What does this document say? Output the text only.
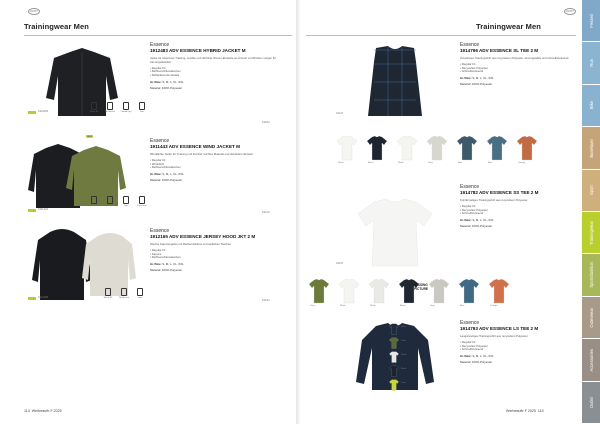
CRAFT
Trainingwear Men
1912483
Essence
1912483 ADV ESSENCE HYBRID JACKET M
Jacke für intensives Training. Leichte und dehnbar Woven-Einsätze an Ärmeln und Rücken sorgen für Atmungsaktivität.
• Regular Fit
• Reißverschlusstaschen
• Reflektierende Details
Gr./Size: S, M, L, XL, XXL
Material: 100% Polyester
Wash 40	No bleach	Tumble dry	Iron
19912
NEW
1911443
Essence
1911443 ADV ESSENCE WIND JACKET M
Winddichte Jacke für Training und Freizeit, leichtes Material und dehnbarer Einsatz.
• Regular Fit
• Winddicht
• Reißverschlusstaschen
Gr./Size: S, M, L, XL, XXL
Material: 100% Polyester
Wash 40	No bleach	Iron	Dry clean
19113
1912165
Essence
1912165 ADV ESSENCE JERSEY HOOD JKT 2 M
Weiche Kapuzenjacke mit Reißverschluss und seitlichen Taschen.
• Regular Fit
• Kapuze
• Reißverschlusstaschen
Gr./Size: S, M, L, XL, XXL
Material: 100% Polyester
Wash 40	No bleach	Iron	19121
114 Werbeauftr F 2025
CRAFT
Trainingwear Men
19147
Essence
1914796 ADV ESSENCE SL TEE 2 M
Ärmelloses Trainingsshirt aus recyceltem Polyester, atmungsaktiv und schnelltrocknend.
• Regular Fit
• Recyceltes Polyester
• Schnelltrocknend
Gr./Size: S, M, L, XL, XXL
Material: 100% Polyester
White	Black	White	Grey	Blue	Blue	Orange
19147
Essence
1914782 ADV ESSENCE SS TEE 2 M
Kurzärmeliges Trainingsshirt aus recyceltem Polyester.
• Regular Fit
• Recyceltes Polyester
• Schnelltrocknend
Gr./Size: S, M, L, XL, XXL
Material: 100% Polyester
Olive	White	White	Black	Grey	Blue	Orange
MISSING PICTURE
Navy
Olive
White
Black
Lime
Essence
1914793 ADV ESSENCE LS TEE 2 M
Langärmeliges Trainingsshirt aus recyceltem Polyester.
• Regular Fit
• Recyceltes Polyester
• Schnelltrocknend
Gr./Size: S, M, L, XL, XXL
Material: 100% Polyester
Werbeauftr F 2025 115
Freizeit
Run
Bike
Baselayer
Sport
Trainingwear
Sportsfashion
Outerwear
Accessories
Outlet
